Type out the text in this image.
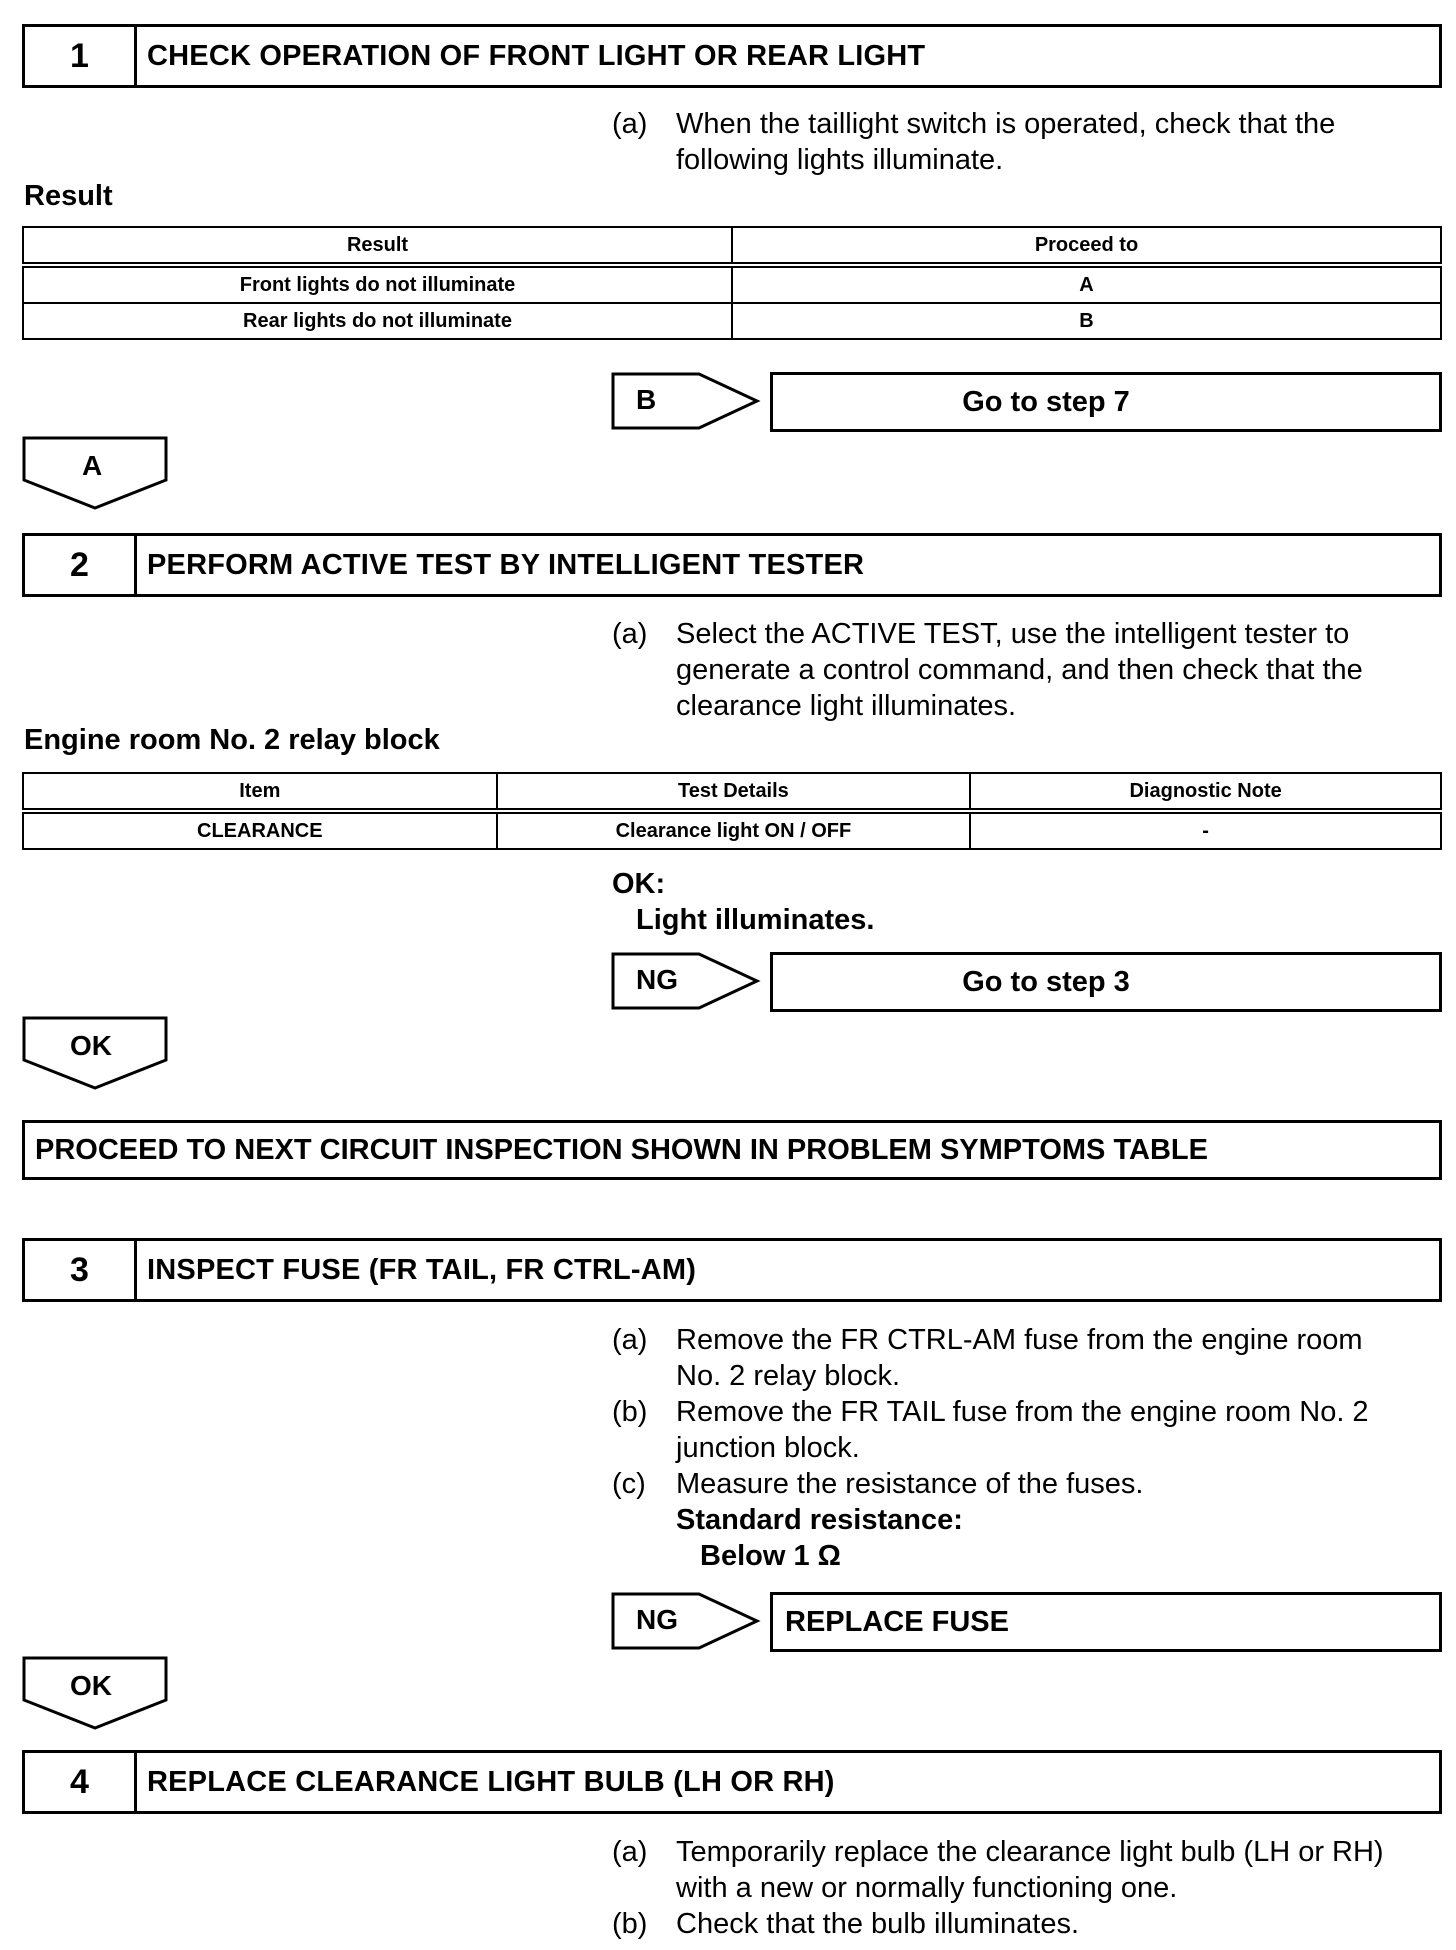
1	CHECK OPERATION OF FRONT LIGHT OR REAR LIGHT
(a) When the taillight switch is operated, check that the
following lights illuminate.
Result
Result	Proceed to
Front lights do not illuminate	A
Rear lights do not illuminate	B
B	Go to step 7
A
2	PERFORM ACTIVE TEST BY INTELLIGENT TESTER
(a) Select the ACTIVE TEST, use the intelligent tester to
generate a control command, and then check that the
clearance light illuminates.
Engine room No. 2 relay block
Item	Test Details	Diagnostic Note
CLEARANCE	Clearance light ON / OFF	-
OK:
Light illuminates.
NG	Go to step 3
OK
PROCEED TO NEXT CIRCUIT INSPECTION SHOWN IN PROBLEM SYMPTOMS TABLE
3	INSPECT FUSE (FR TAIL, FR CTRL-AM)
(a) Remove the FR CTRL-AM fuse from the engine room
No. 2 relay block.
(b) Remove the FR TAIL fuse from the engine room No. 2
junction block.
(c)	Measure the resistance of the fuses.
Standard resistance:
Below 1 Ω
NG	REPLACE FUSE
OK
4	REPLACE CLEARANCE LIGHT BULB (LH OR RH)
(a) Temporarily replace the clearance light bulb (LH or RH)
with a new or normally functioning one.
(b) Check that the bulb illuminates.
